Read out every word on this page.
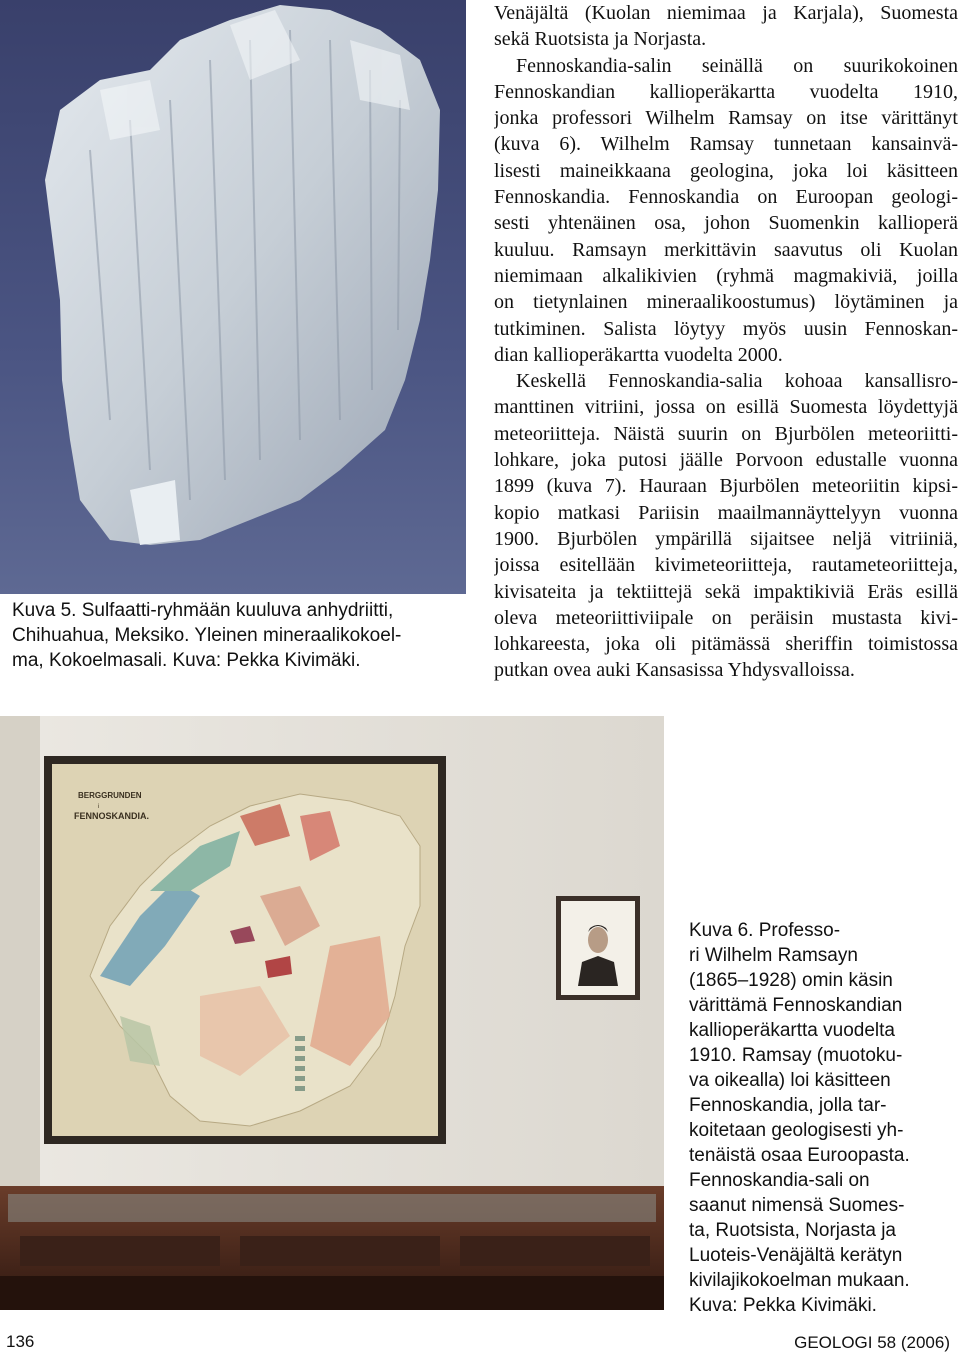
Kuva 5. Sulfaatti-ryhmään kuuluva anhydriitti,
Chihuahua, Meksiko. Yleinen mineraalikokoel-
ma, Kokoelmasali. Kuva: Pekka Kivimäki.

Venäjältä (Kuolan niemimaa ja Karjala), Suomesta
sekä Ruotsista ja Norjasta.

Fennoskandia-salin seinällä on suurikokoinen
Fennoskandian kallioperäkartta vuodelta 1910,
jonka professori Wilhelm Ramsay on itse värittänyt
(kuva 6). Wilhelm Ramsay tunnetaan kansainvä-
lisesti maineikkaana geologina, joka loi käsitteen
Fennoskandia. Fennoskandia on Euroopan geologi-
sesti yhtenäinen osa, johon Suomenkin kallioperä
kuuluu. Ramsayn merkittävin saavutus oli Kuolan
niemimaan alkalikivien (ryhmä magmakiviä, joilla
on tietynlainen mineraalikoostumus) löytäminen ja
tutkiminen. Salista löytyy myös uusin Fennoskan-
dian kallioperäkartta vuodelta 2000.

Keskellä Fennoskandia-salia kohoaa kansallisro-
manttinen vitriini, jossa on esillä Suomesta löydettyjä
meteoriitteja. Näistä suurin on Bjurbölen meteoriitti-
lohkare, joka putosi jäälle Porvoon edustalle vuonna
1899 (kuva 7). Hauraan Bjurbölen meteoriitin kipsi-
kopio matkasi Pariisin maailmannäyttelyyn vuonna
1900. Bjurbölen ympärillä sijaitsee neljä vitriiniä,
joissa esitellään kivimeteoriitteja, rautameteoriitteja,
kivisateita ja tektiittejä sekä impaktikiviä Eräs esillä
oleva meteoriittiviipale on peräisin mustasta kivi-
lohkareesta, joka oli pitämässä sheriffin toimistossa
putkan ovea auki Kansasissa Yhdysvalloissa.

BERGGRUNDEN
i
FENNOSKANDIA.
Kuva 6. Professo-
ri Wilhelm Ramsayn
(1865–1928) omin käsin
värittämä Fennoskandian
kallioperäkartta vuodelta
1910. Ramsay (muotoku-
va oikealla) loi käsitteen
Fennoskandia, jolla tar-
koitetaan geologisesti yh-
tenäistä osaa Euroopasta.
Fennoskandia-sali on
saanut nimensä Suomes-
ta, Ruotsista, Norjasta ja
Luoteis-Venäjältä kerätyn
kivilajikokoelman mukaan.
Kuva: Pekka Kivimäki.
136	GEOLOGI 58 (2006)
